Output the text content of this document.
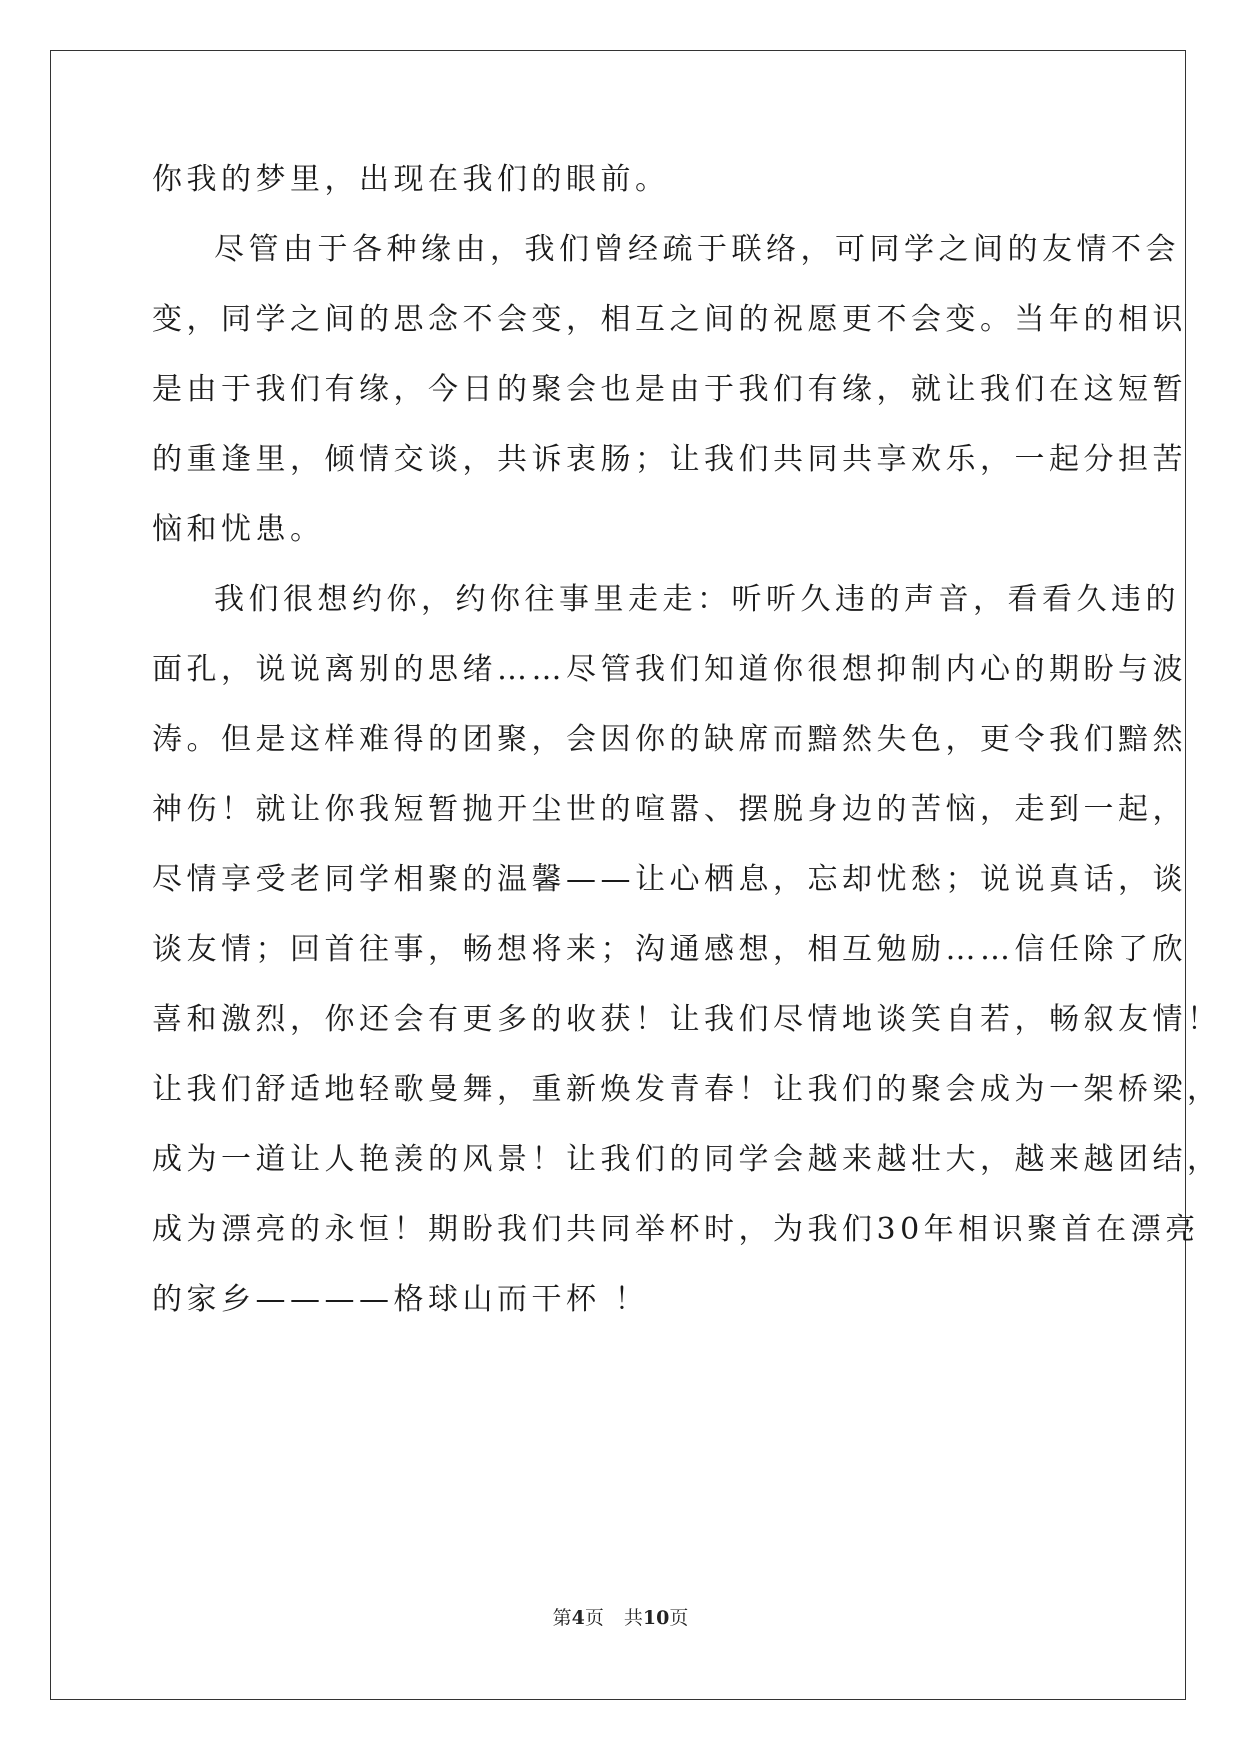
你我的梦里，出现在我们的眼前。
尽管由于各种缘由，我们曾经疏于联络，可同学之间的友情不会
变，同学之间的思念不会变，相互之间的祝愿更不会变。当年的相识
是由于我们有缘，今日的聚会也是由于我们有缘，就让我们在这短暂
的重逢里，倾情交谈，共诉衷肠；让我们共同共享欢乐，一起分担苦
恼和忧患。
我们很想约你，约你往事里走走：听听久违的声音，看看久违的
面孔，说说离别的思绪……尽管我们知道你很想抑制内心的期盼与波
涛。但是这样难得的团聚，会因你的缺席而黯然失色，更令我们黯然
神伤！就让你我短暂抛开尘世的喧嚣、摆脱身边的苦恼，走到一起，
尽情享受老同学相聚的温馨——让心栖息，忘却忧愁；说说真话，谈
谈友情；回首往事，畅想将来；沟通感想，相互勉励……信任除了欣
喜和激烈，你还会有更多的收获！让我们尽情地谈笑自若，畅叙友情！
让我们舒适地轻歌曼舞，重新焕发青春！让我们的聚会成为一架桥梁，
成为一道让人艳羡的风景！让我们的同学会越来越壮大，越来越团结，
成为漂亮的永恒！期盼我们共同举杯时，为我们30年相识聚首在漂亮
的家乡————格球山而干杯 ！
第4页 共10页
